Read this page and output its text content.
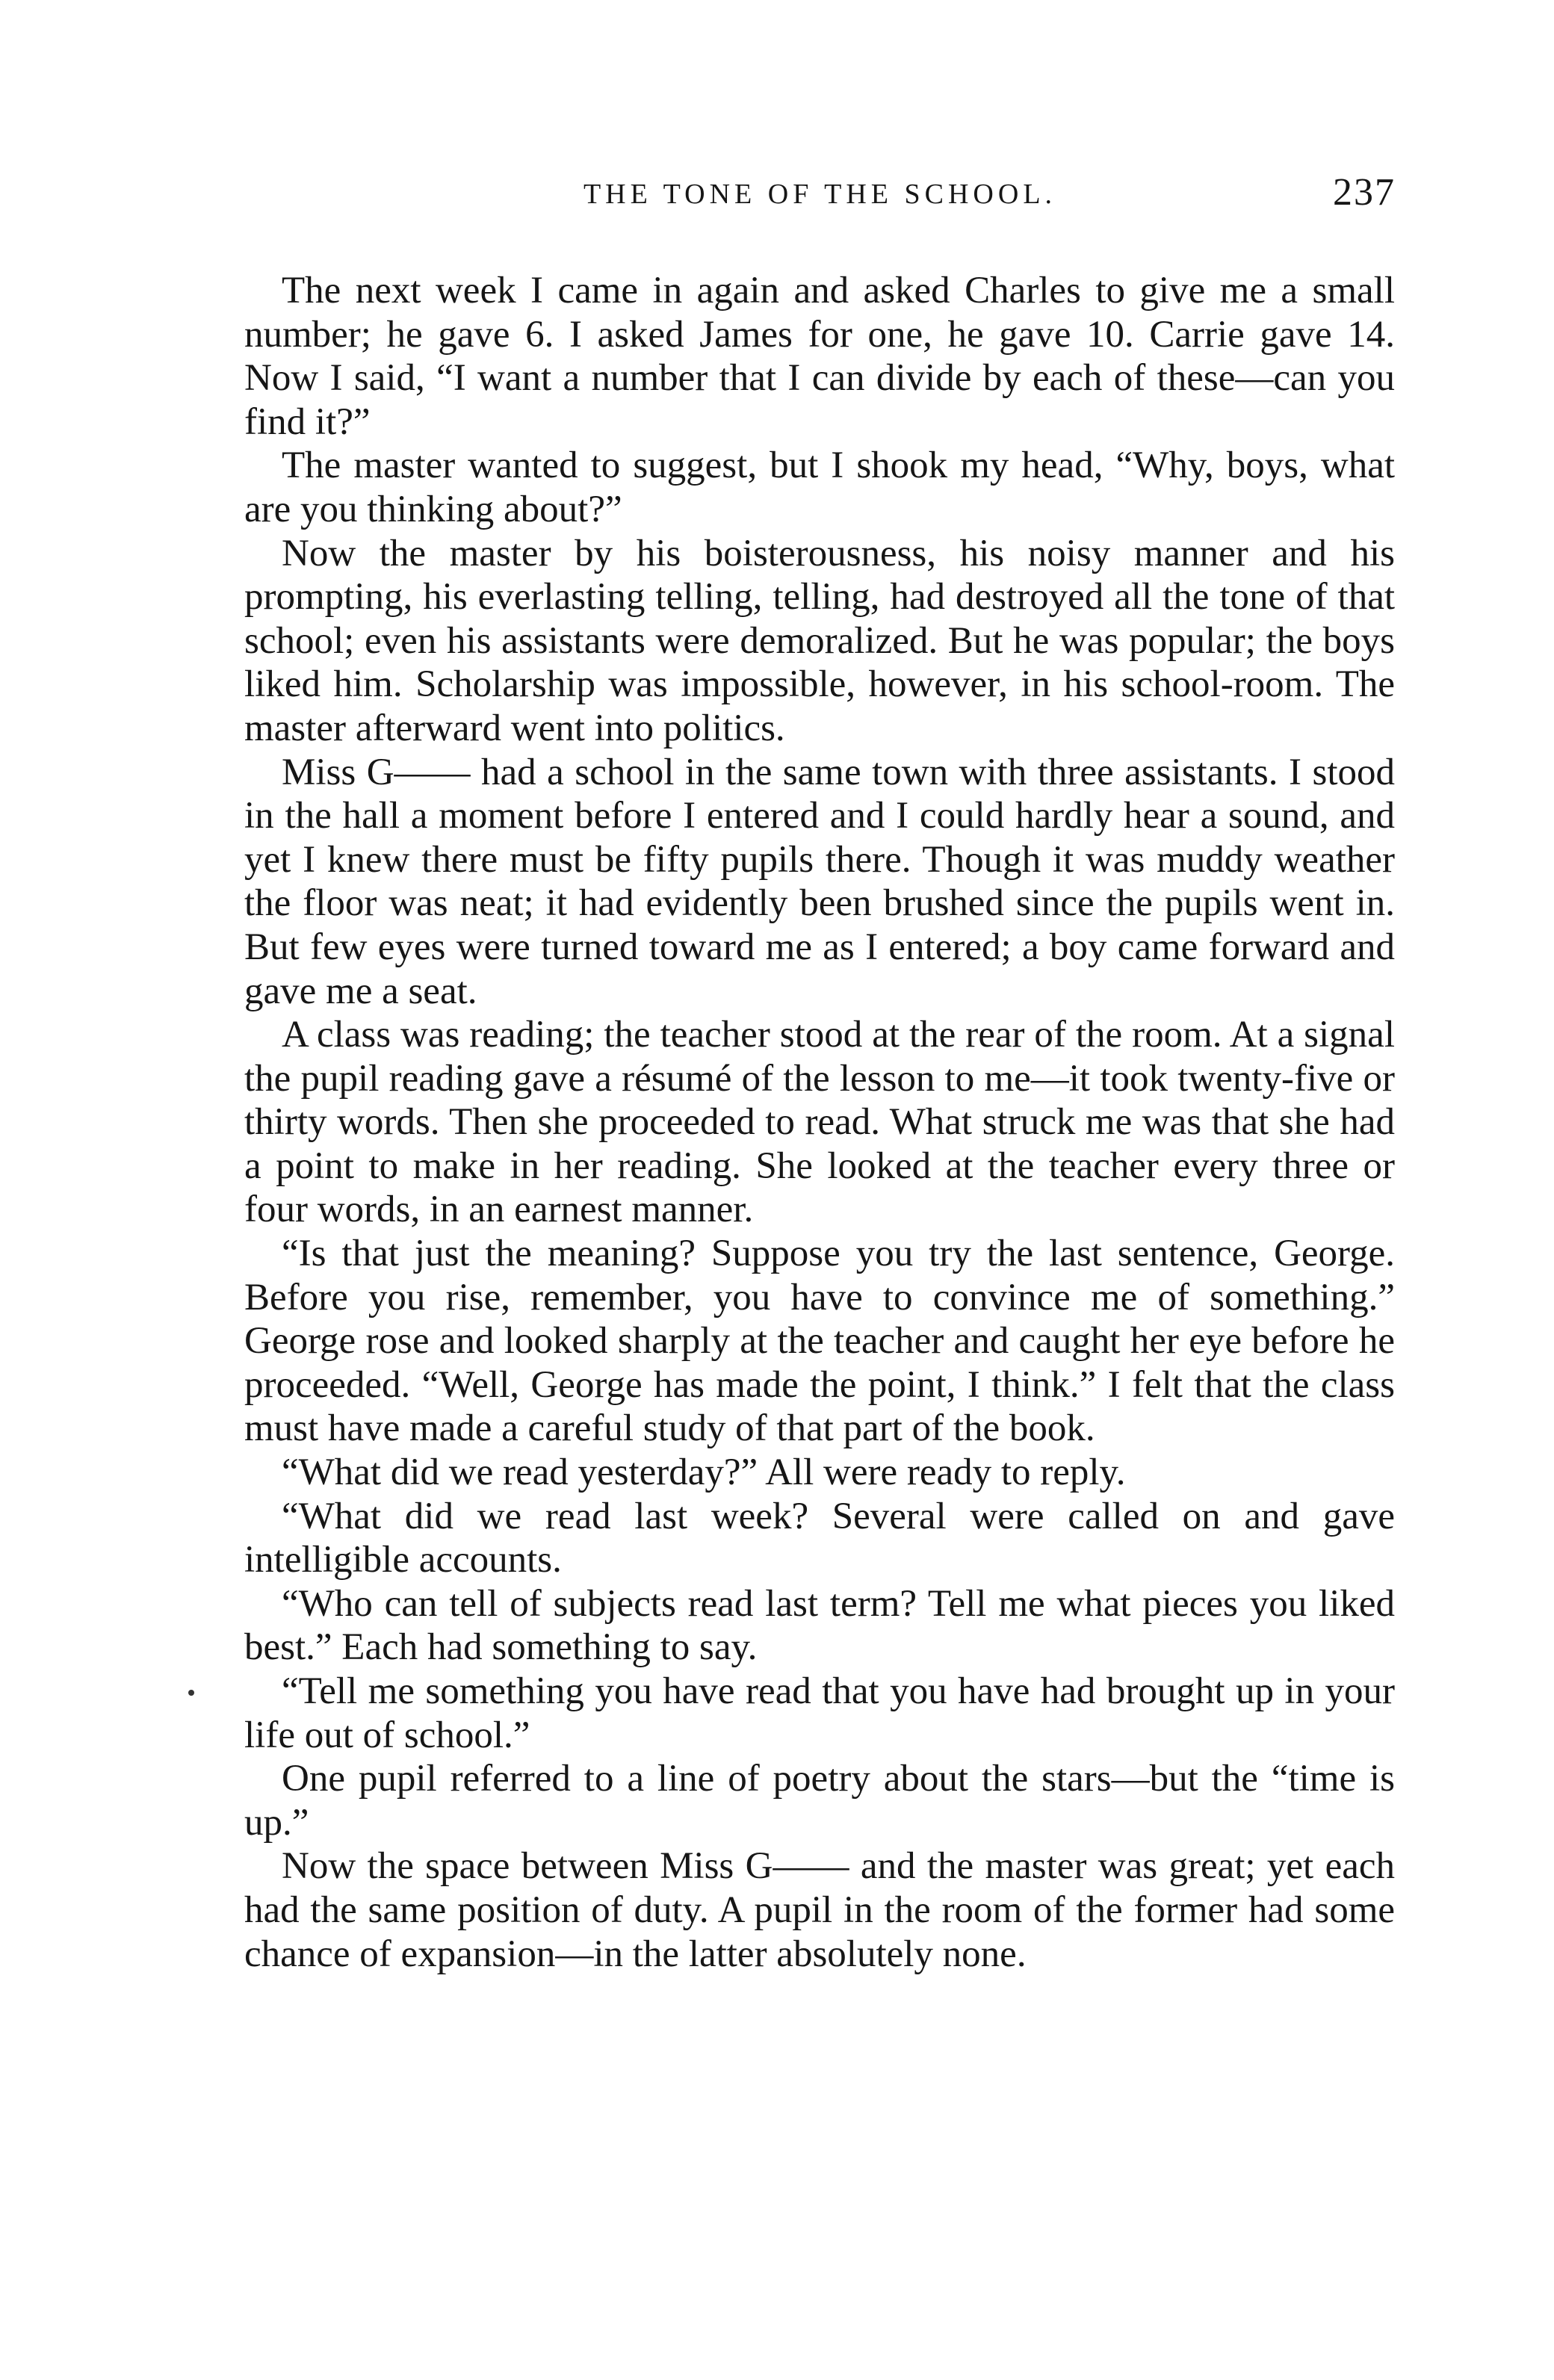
THE TONE OF THE SCHOOL.	237

The next week I came in again and asked Charles to give me a small number; he gave 6. I asked James for one, he gave 10. Carrie gave 14. Now I said, “I want a number that I can divide by each of these—can you find it?”

The master wanted to suggest, but I shook my head, “Why, boys, what are you thinking about?”

Now the master by his boisterousness, his noisy manner and his prompting, his everlasting telling, telling, had destroyed all the tone of that school; even his assistants were demoralized. But he was popular; the boys liked him. Scholarship was impossible, however, in his school-room. The master afterward went into politics.

Miss G—— had a school in the same town with three assistants. I stood in the hall a moment before I entered and I could hardly hear a sound, and yet I knew there must be fifty pupils there. Though it was muddy weather the floor was neat; it had evidently been brushed since the pupils went in. But few eyes were turned toward me as I entered; a boy came forward and gave me a seat.

A class was reading; the teacher stood at the rear of the room. At a signal the pupil reading gave a résumé of the lesson to me—it took twenty-five or thirty words. Then she proceeded to read. What struck me was that she had a point to make in her reading. She looked at the teacher every three or four words, in an earnest manner.

“Is that just the meaning? Suppose you try the last sentence, George. Before you rise, remember, you have to convince me of something.” George rose and looked sharply at the teacher and caught her eye before he proceeded. “Well, George has made the point, I think.” I felt that the class must have made a careful study of that part of the book.

“What did we read yesterday?” All were ready to reply.

“What did we read last week? Several were called on and gave intelligible accounts.

“Who can tell of subjects read last term? Tell me what pieces you liked best.” Each had something to say.

“Tell me something you have read that you have had brought up in your life out of school.”

One pupil referred to a line of poetry about the stars—but the “time is up.”

Now the space between Miss G—— and the master was great; yet each had the same position of duty. A pupil in the room of the former had some chance of expansion—in the latter absolutely none.
